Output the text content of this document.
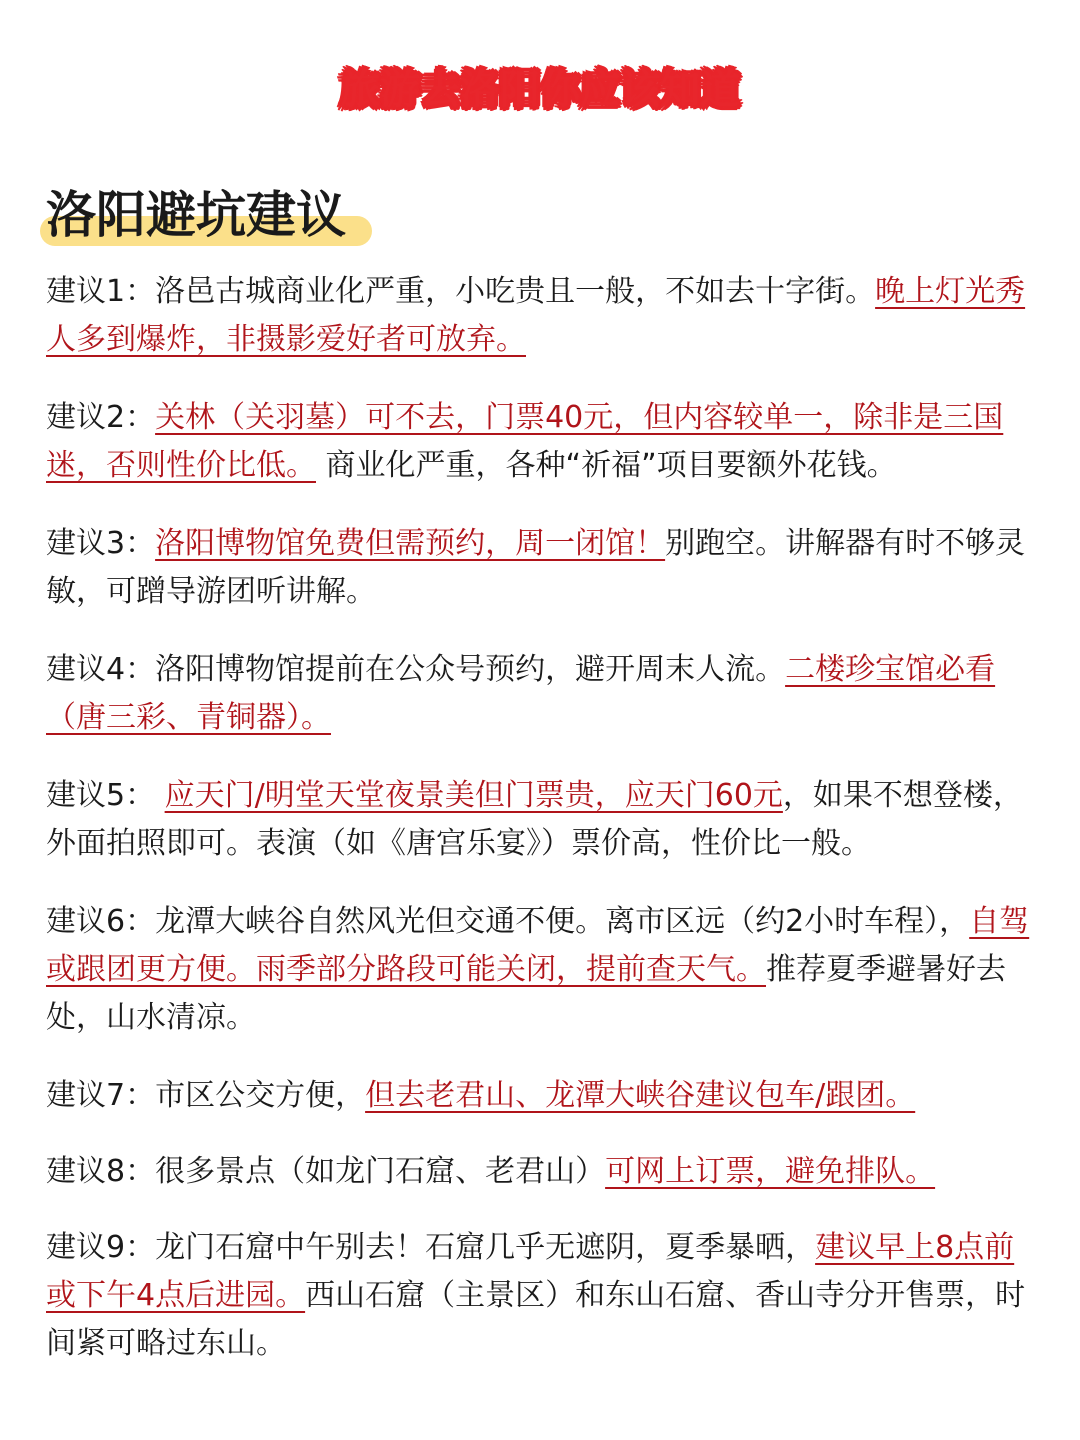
旅游去洛阳你应该知道
洛阳避坑建议

建议1：洛邑古城商业化严重，小吃贵且一般，不如去十字街。晚上灯光秀人多到爆炸，非摄影爱好者可放弃。

建议2：关林（关羽墓）可不去，门票40元，但内容较单一，除非是三国迷，否则性价比低。 商业化严重，各种“祈福”项目要额外花钱。

建议3：洛阳博物馆免费但需预约，周一闭馆！别跑空。讲解器有时不够灵敏，可蹭导游团听讲解。

建议4：洛阳博物馆提前在公众号预约，避开周末人流。二楼珍宝馆必看（唐三彩、青铜器）。

建议5： 应天门/明堂天堂夜景美但门票贵，应天门60元，如果不想登楼，外面拍照即可。表演（如《唐宫乐宴》）票价高，性价比一般。

建议6：龙潭大峡谷自然风光但交通不便。离市区远（约2小时车程），自驾或跟团更方便。雨季部分路段可能关闭，提前查天气。推荐夏季避暑好去处，山水清凉。

建议7：市区公交方便，但去老君山、龙潭大峡谷建议包车/跟团。

建议8：很多景点（如龙门石窟、老君山）可网上订票，避免排队。

建议9：龙门石窟中午别去！石窟几乎无遮阴，夏季暴晒，建议早上8点前或下午4点后进园。西山石窟（主景区）和东山石窟、香山寺分开售票，时间紧可略过东山。
